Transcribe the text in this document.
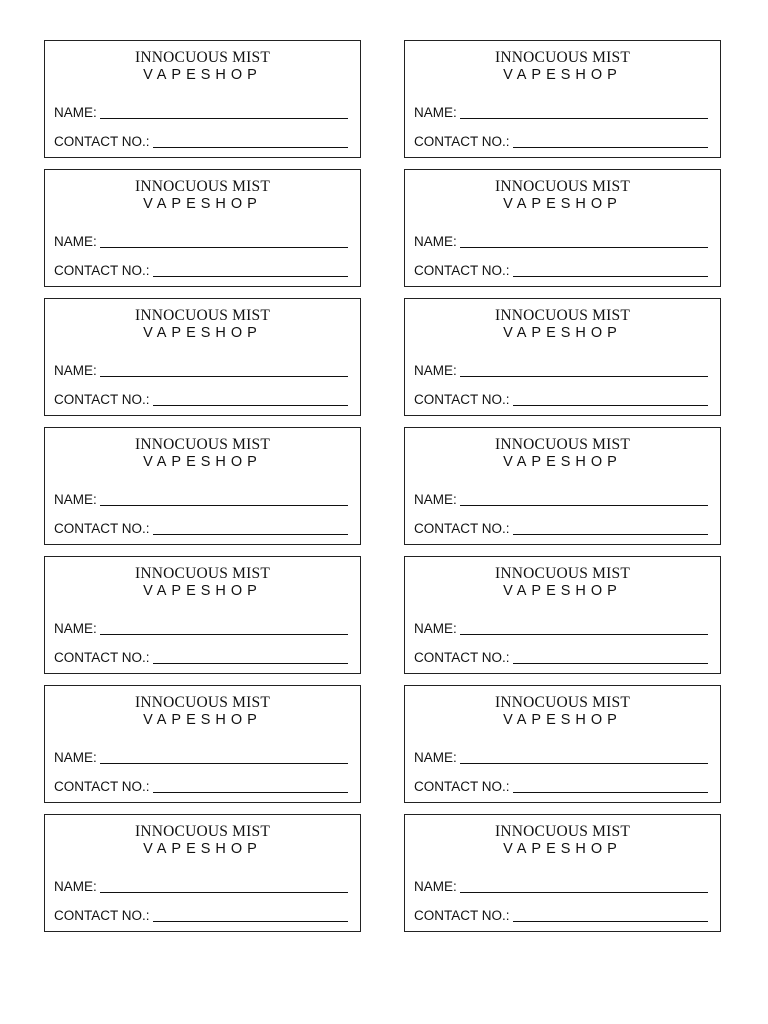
INNOCUOUS MIST
VAPESHOP
NAME:
CONTACT NO.:
INNOCUOUS MIST
VAPESHOP
NAME:
CONTACT NO.:
INNOCUOUS MIST
VAPESHOP
NAME:
CONTACT NO.:
INNOCUOUS MIST
VAPESHOP
NAME:
CONTACT NO.:
INNOCUOUS MIST
VAPESHOP
NAME:
CONTACT NO.:
INNOCUOUS MIST
VAPESHOP
NAME:
CONTACT NO.:
INNOCUOUS MIST
VAPESHOP
NAME:
CONTACT NO.:
INNOCUOUS MIST
VAPESHOP
NAME:
CONTACT NO.:
INNOCUOUS MIST
VAPESHOP
NAME:
CONTACT NO.:
INNOCUOUS MIST
VAPESHOP
NAME:
CONTACT NO.:
INNOCUOUS MIST
VAPESHOP
NAME:
CONTACT NO.:
INNOCUOUS MIST
VAPESHOP
NAME:
CONTACT NO.:
INNOCUOUS MIST
VAPESHOP
NAME:
CONTACT NO.:
INNOCUOUS MIST
VAPESHOP
NAME:
CONTACT NO.:
